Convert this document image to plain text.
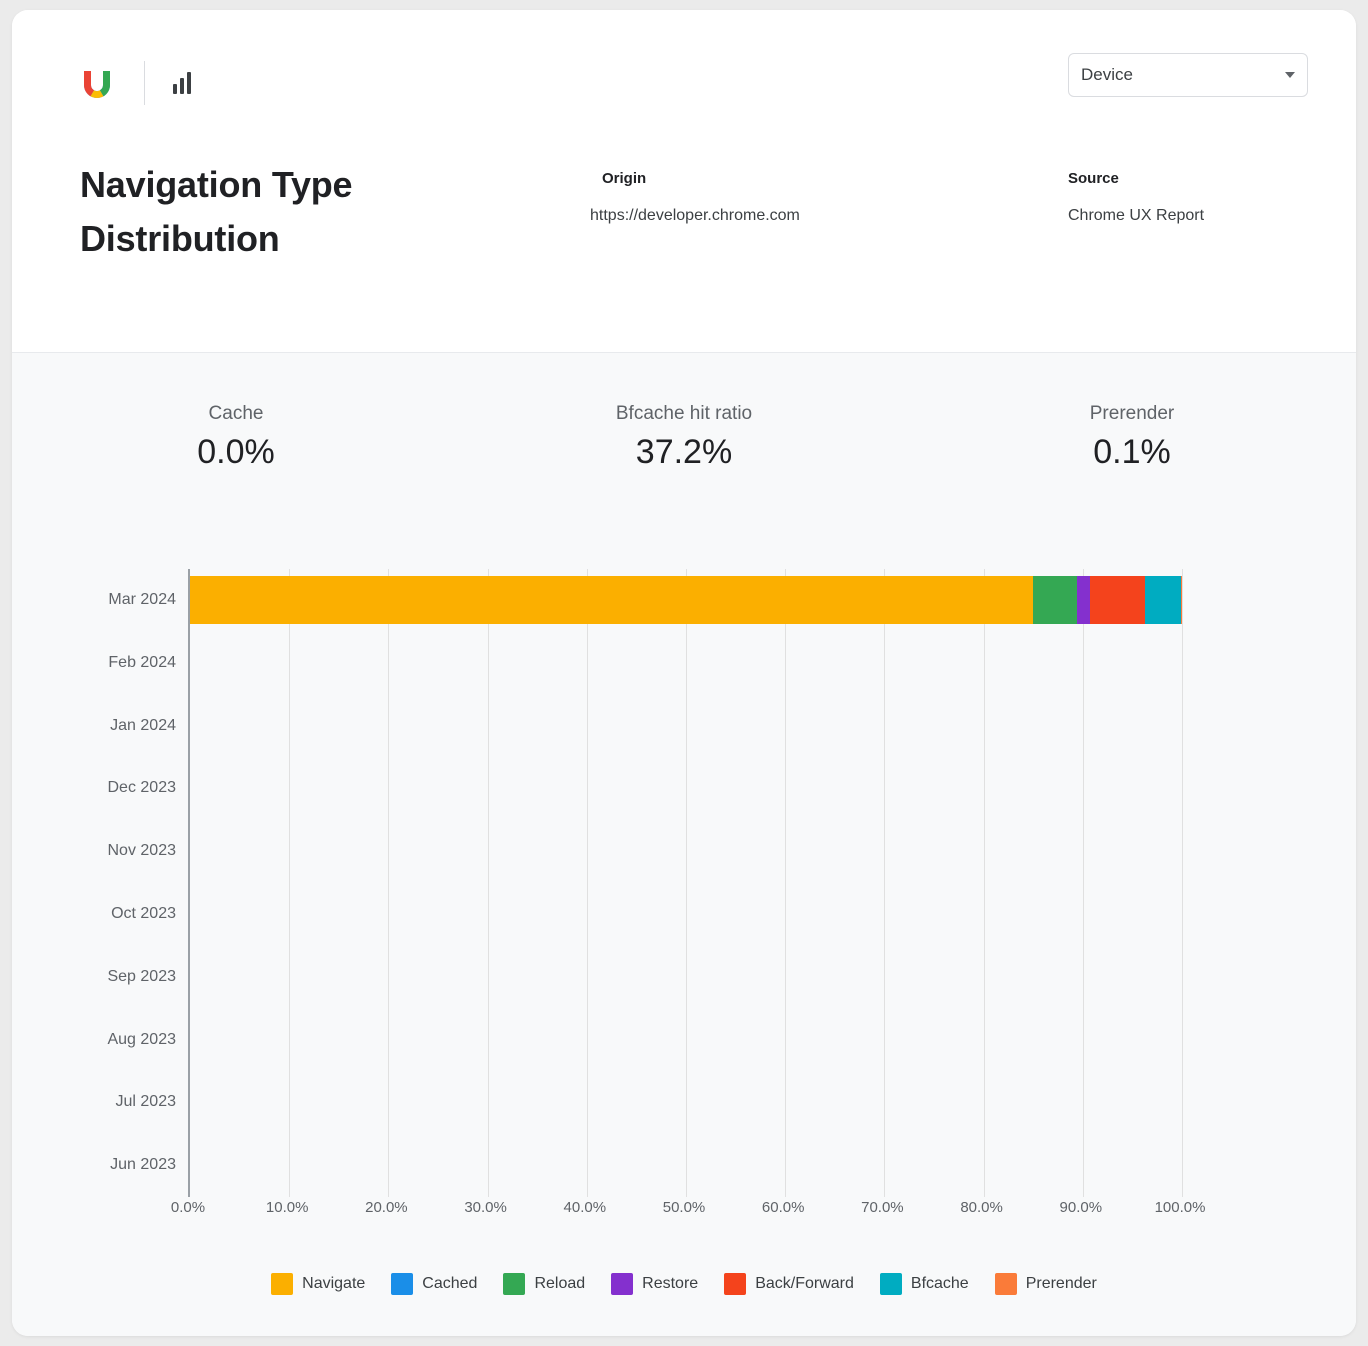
Device
Navigation Type Distribution
Origin
https://developer.chrome.com
Source
Chrome UX Report
Cache
0.0%
Bfcache hit ratio
37.2%
Prerender
0.1%
Mar 2024
Feb 2024
Jan 2024
Dec 2023
Nov 2023
Oct 2023
Sep 2023
Aug 2023
Jul 2023
Jun 2023
0.0%	10.0%	20.0%	30.0%	40.0%	50.0%	60.0%	70.0%	80.0%	90.0%	100.0%
Navigate	Cached	Reload	Restore	Back/Forward	Bfcache	Prerender
